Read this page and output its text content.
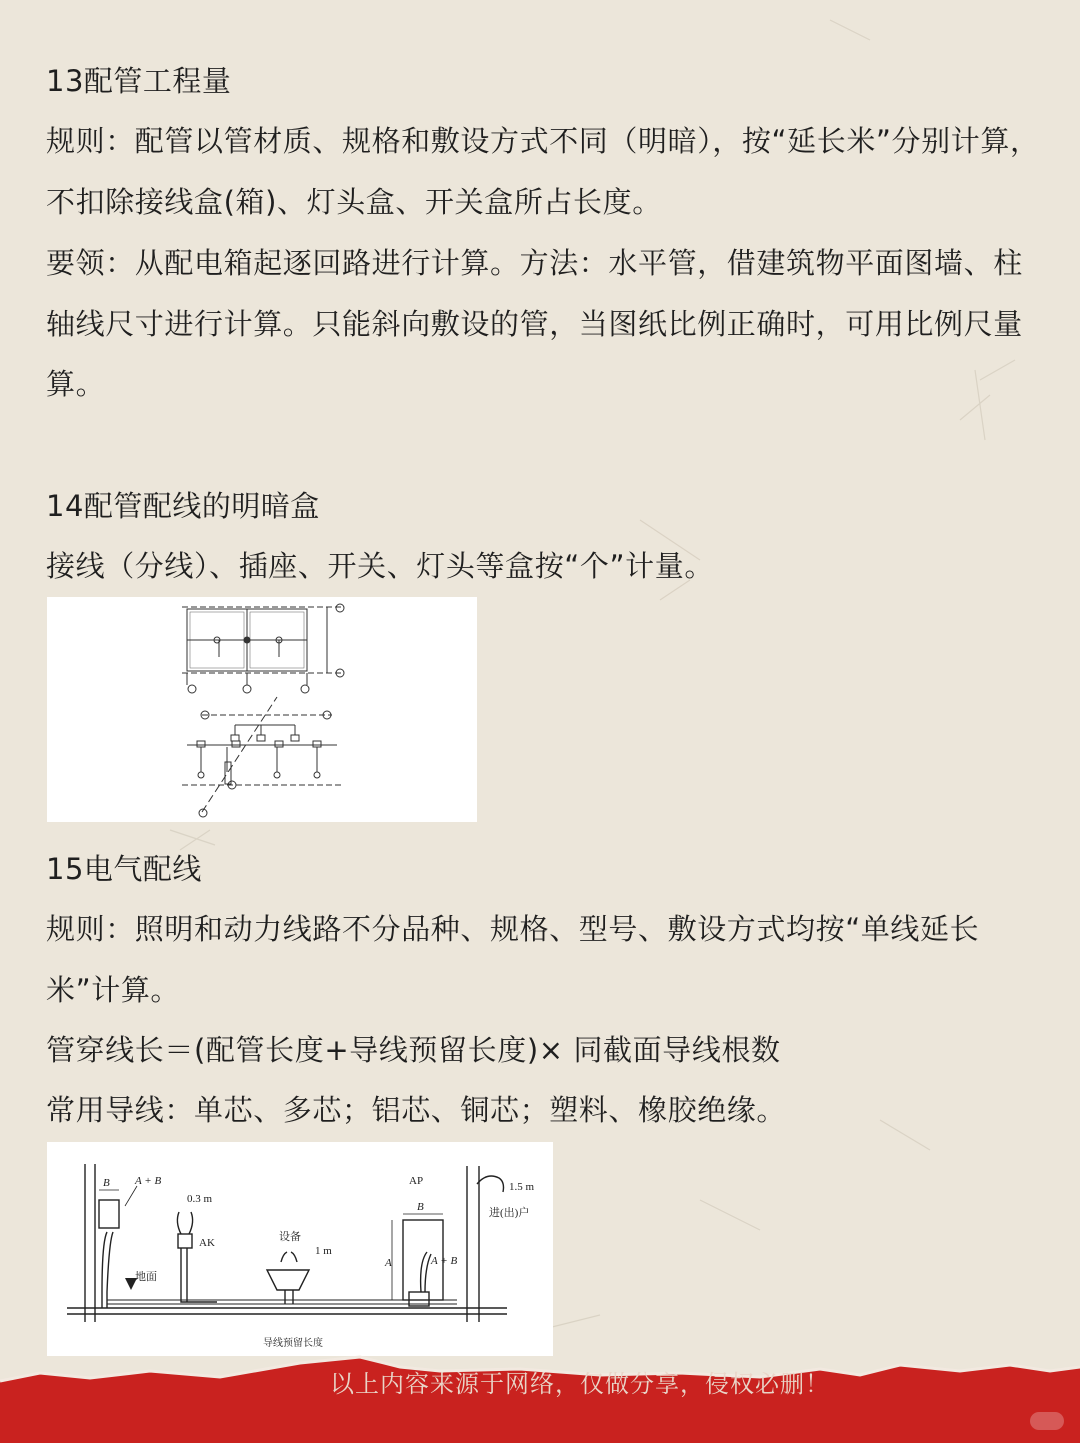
13配管工程量
规则：配管以管材质、规格和敷设方式不同（明暗），按“延长米”分别计算，不扣除接线盒(箱)、灯头盒、开关盒所占长度。
要领：从配电箱起逐回路进行计算。方法：水平管，借建筑物平面图墙、柱轴线尺寸进行计算。只能斜向敷设的管，当图纸比例正确时，可用比例尺量算。
14配管配线的明暗盒
接线（分线）、插座、开关、灯头等盒按“个”计量。
15电气配线
规则：照明和动力线路不分品种、规格、型号、敷设方式均按“单线延长米”计算。
管穿线长＝(配管长度+导线预留长度)× 同截面导线根数
常用导线：单芯、多芯；铝芯、铜芯；塑料、橡胶绝缘。
B A + B
0.3 m
AK
AP	1.5 m
进(出)户
设备
1 m
A	A + B
B
地面
导线预留长度
以上内容来源于网络，仅做分享，侵权必删！
